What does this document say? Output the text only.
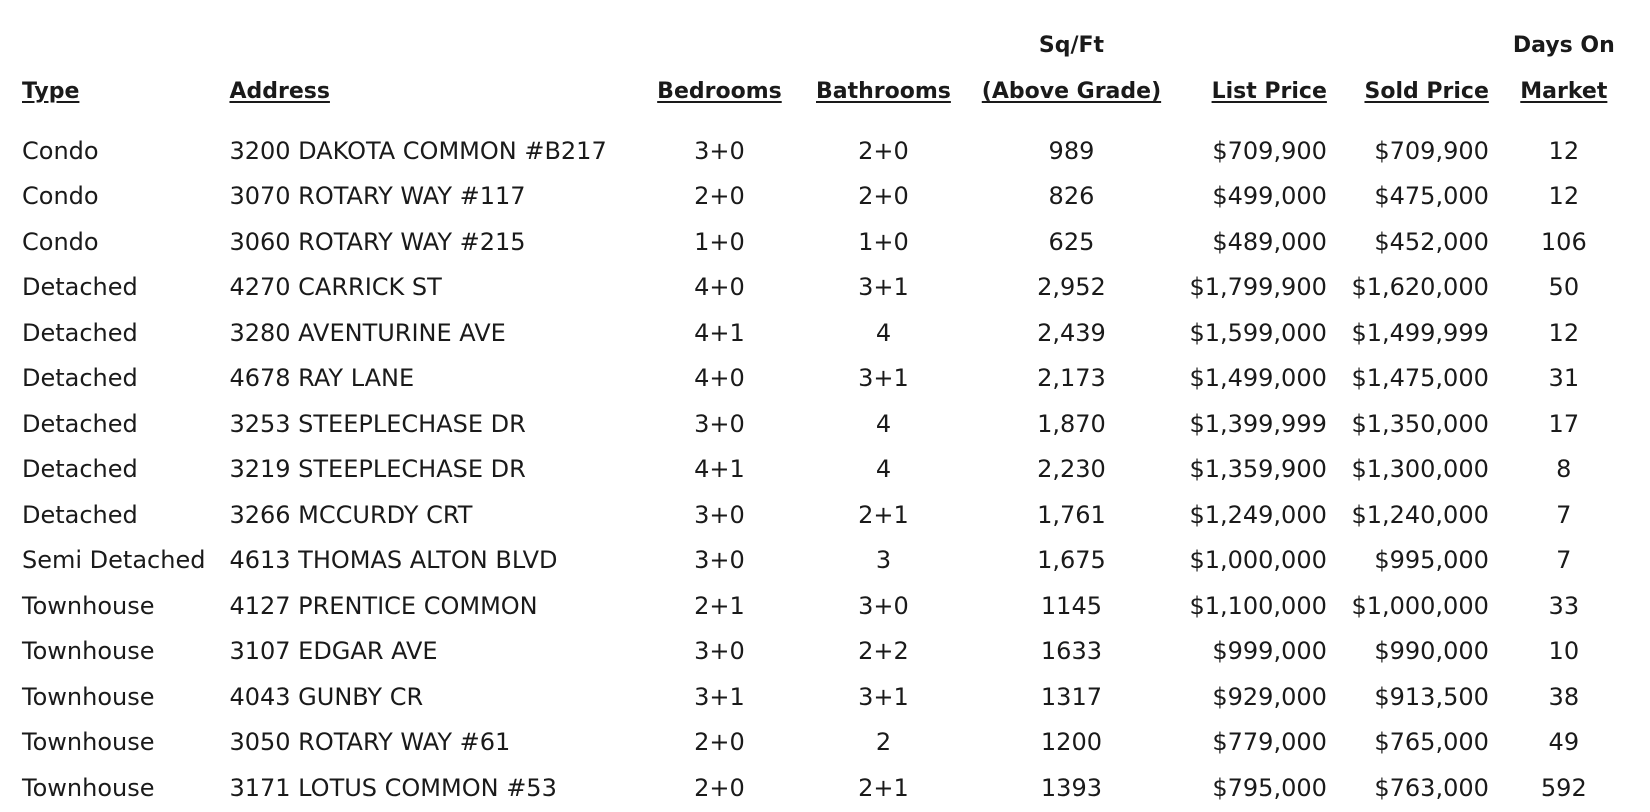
				Sq/Ft			Days On
Type	Address	Bedrooms	Bathrooms	(Above Grade)	List Price	Sold Price	Market
Condo	3200 DAKOTA COMMON #B217	3+0	2+0	989	$709,900	$709,900	12
Condo	3070 ROTARY WAY #117	2+0	2+0	826	$499,000	$475,000	12
Condo	3060 ROTARY WAY #215	1+0	1+0	625	$489,000	$452,000	106
Detached	4270 CARRICK ST	4+0	3+1	2,952	$1,799,900	$1,620,000	50
Detached	3280 AVENTURINE AVE	4+1	4	2,439	$1,599,000	$1,499,999	12
Detached	4678 RAY LANE	4+0	3+1	2,173	$1,499,000	$1,475,000	31
Detached	3253 STEEPLECHASE DR	3+0	4	1,870	$1,399,999	$1,350,000	17
Detached	3219 STEEPLECHASE DR	4+1	4	2,230	$1,359,900	$1,300,000	8
Detached	3266 MCCURDY CRT	3+0	2+1	1,761	$1,249,000	$1,240,000	7
Semi Detached	4613 THOMAS ALTON BLVD	3+0	3	1,675	$1,000,000	$995,000	7
Townhouse	4127 PRENTICE COMMON	2+1	3+0	1145	$1,100,000	$1,000,000	33
Townhouse	3107 EDGAR AVE	3+0	2+2	1633	$999,000	$990,000	10
Townhouse	4043 GUNBY CR	3+1	3+1	1317	$929,000	$913,500	38
Townhouse	3050 ROTARY WAY #61	2+0	2	1200	$779,000	$765,000	49
Townhouse	3171 LOTUS COMMON #53	2+0	2+1	1393	$795,000	$763,000	592
